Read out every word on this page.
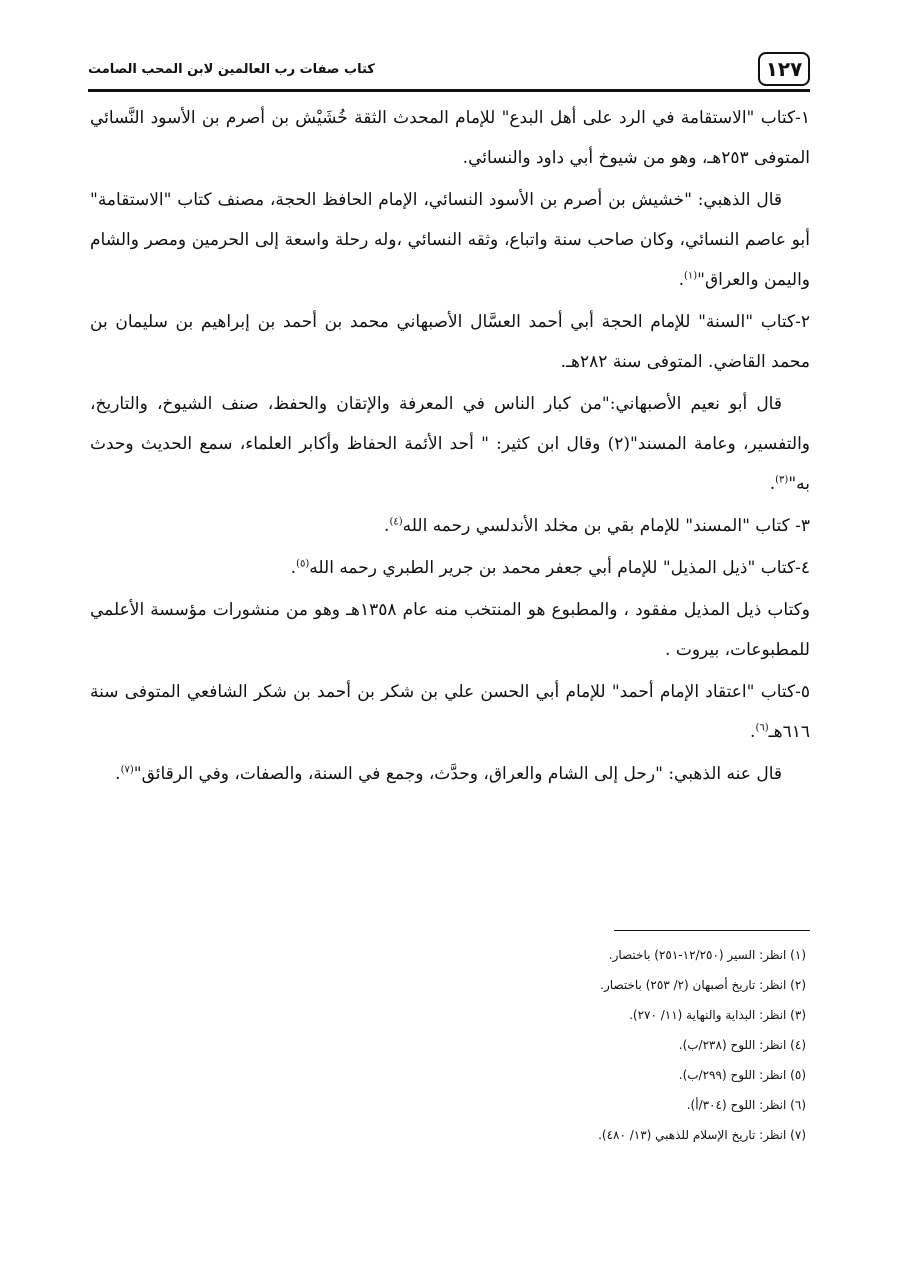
١٢٧
كتاب صفات رب العالمين لابن المحب الصامت

١-كتاب "الاستقامة في الرد على أهل البدع" للإمام المحدث الثقة خُشَيْش بن أصرم بن الأسود النَّسائي المتوفى ٢٥٣هـ، وهو من شيوخ أبي داود والنسائي.

قال الذهبي: "خشيش بن أصرم بن الأسود النسائي، الإمام الحافظ الحجة، مصنف كتاب "الاستقامة" أبو عاصم النسائي، وكان صاحب سنة واتباع، وثقه النسائي ،وله رحلة واسعة إلى الحرمين ومصر والشام واليمن والعراق"$^{(١)}$.

٢-كتاب "السنة" للإمام الحجة أبي أحمد العسَّال الأصبهاني محمد بن أحمد بن إبراهيم بن سليمان بن محمد القاضي. المتوفى سنة ٢٨٢هـ.

قال أبو نعيم الأصبهاني:"من كبار الناس في المعرفة والإتقان والحفظ، صنف الشيوخ، والتاريخ، والتفسير، وعامة المسند"(٢) وقال ابن كثير: " أحد الأئمة الحفاظ وأكابر العلماء، سمع الحديث وحدث به"$^{(٣)}$.

٣- كتاب "المسند" للإمام بقي بن مخلد الأندلسي رحمه الله$^{(٤)}$.

٤-كتاب "ذيل المذيل" للإمام أبي جعفر محمد بن جرير الطبري رحمه الله$^{(٥)}$.

وكتاب ذيل المذيل مفقود ، والمطبوع هو المنتخب منه عام ١٣٥٨هـ وهو من منشورات مؤسسة الأعلمي للمطبوعات، بيروت .

٥-كتاب "اعتقاد الإمام أحمد" للإمام أبي الحسن علي بن شكر بن أحمد بن شكر الشافعي المتوفى سنة ٦١٦هـ$^{(٦)}$.

قال عنه الذهبي: "رحل إلى الشام والعراق، وحدَّث، وجمع في السنة، والصفات، وفي الرقائق"$^{(٧)}$.

(١) انظر: السير (١٢/٢٥٠-٢٥١) باختصار.

(٢) انظر: تاريخ أصبهان (٢/ ٢٥٣) باختصار.

(٣) انظر: البداية والنهاية (١١/ ٢٧٠).

(٤) انظر: اللوح (٢٣٨/ب).

(٥) انظر: اللوح (٢٩٩/ب).

(٦) انظر: اللوح (٣٠٤/أ).

(٧) انظر: تاريخ الإسلام للذهبي (١٣/ ٤٨٠).
